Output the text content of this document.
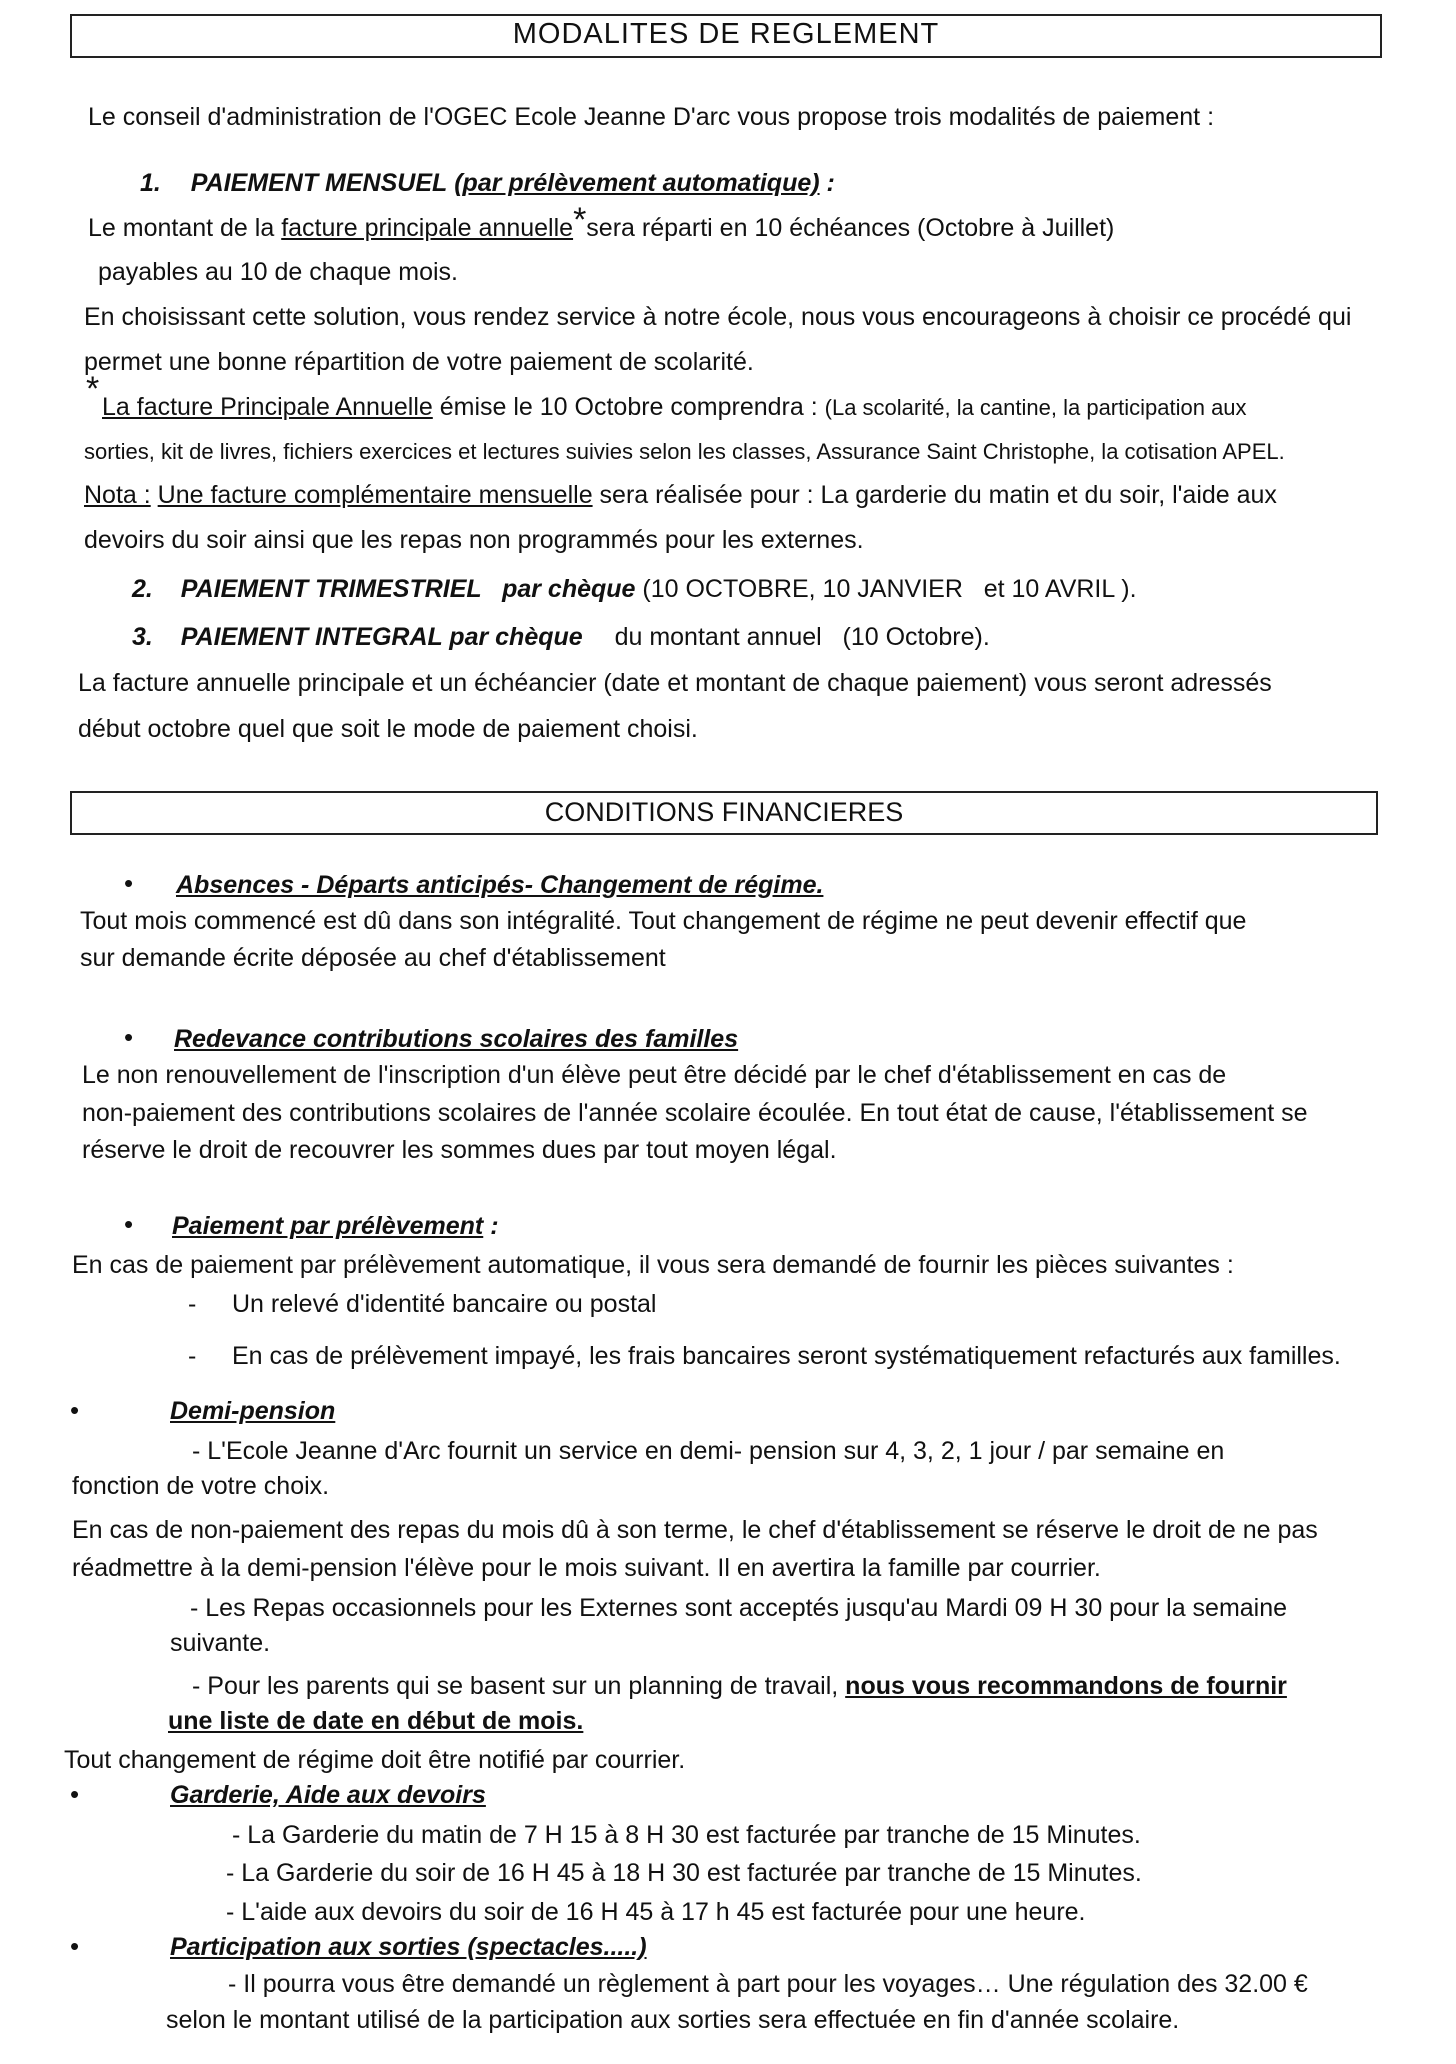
MODALITES DE REGLEMENT
Le conseil d'administration de l'OGEC Ecole Jeanne D'arc vous propose trois modalités de paiement :
1. PAIEMENT MENSUEL (par prélèvement automatique) :
Le montant de la facture principale annuelle*sera réparti en 10 échéances (Octobre à Juillet)
payables au 10 de chaque mois.
En choisissant cette solution, vous rendez service à notre école, nous vous encourageons à choisir ce procédé qui
permet une bonne répartition de votre paiement de scolarité.
* La facture Principale Annuelle émise le 10 Octobre comprendra : (La scolarité, la cantine, la participation aux
sorties, kit de livres, fichiers exercices et lectures suivies selon les classes, Assurance Saint Christophe, la cotisation APEL.
Nota : Une facture complémentaire mensuelle sera réalisée pour : La garderie du matin et du soir, l'aide aux
devoirs du soir ainsi que les repas non programmés pour les externes.
2. PAIEMENT TRIMESTRIEL   par chèque (10 OCTOBRE, 10 JANVIER   et 10 AVRIL ).
3. PAIEMENT INTEGRAL par chèque du montant annuel   (10 Octobre).
La facture annuelle principale et un échéancier (date et montant de chaque paiement) vous seront adressés
début octobre quel que soit le mode de paiement choisi.
CONDITIONS FINANCIERES
• Absences - Départs anticipés- Changement de régime.
Tout mois commencé est dû dans son intégralité. Tout changement de régime ne peut devenir effectif que
sur demande écrite déposée au chef d'établissement
• Redevance contributions scolaires des familles
Le non renouvellement de l'inscription d'un élève peut être décidé par le chef d'établissement en cas de
non-paiement des contributions scolaires de l'année scolaire écoulée. En tout état de cause, l'établissement se
réserve le droit de recouvrer les sommes dues par tout moyen légal.
• Paiement par prélèvement :
En cas de paiement par prélèvement automatique, il vous sera demandé de fournir les pièces suivantes :
- Un relevé d'identité bancaire ou postal
- En cas de prélèvement impayé, les frais bancaires seront systématiquement refacturés aux familles.
•	Demi-pension
- L'Ecole Jeanne d'Arc fournit un service en demi- pension sur 4, 3, 2, 1 jour / par semaine en
fonction de votre choix.
En cas de non-paiement des repas du mois dû à son terme, le chef d'établissement se réserve le droit de ne pas
réadmettre à la demi-pension l'élève pour le mois suivant. Il en avertira la famille par courrier.
- Les Repas occasionnels pour les Externes sont acceptés jusqu'au Mardi 09 H 30 pour la semaine
suivante.
- Pour les parents qui se basent sur un planning de travail, nous vous recommandons de fournir
une liste de date en début de mois.
Tout changement de régime doit être notifié par courrier.
•	Garderie, Aide aux devoirs
- La Garderie du matin de 7 H 15 à 8 H 30 est facturée par tranche de 15 Minutes.
- La Garderie du soir de 16 H 45 à 18 H 30 est facturée par tranche de 15 Minutes.
- L'aide aux devoirs du soir de 16 H 45 à 17 h 45 est facturée pour une heure.
•	Participation aux sorties (spectacles.....)
- Il pourra vous être demandé un règlement à part pour les voyages… Une régulation des 32.00 €
selon le montant utilisé de la participation aux sorties sera effectuée en fin d'année scolaire.
